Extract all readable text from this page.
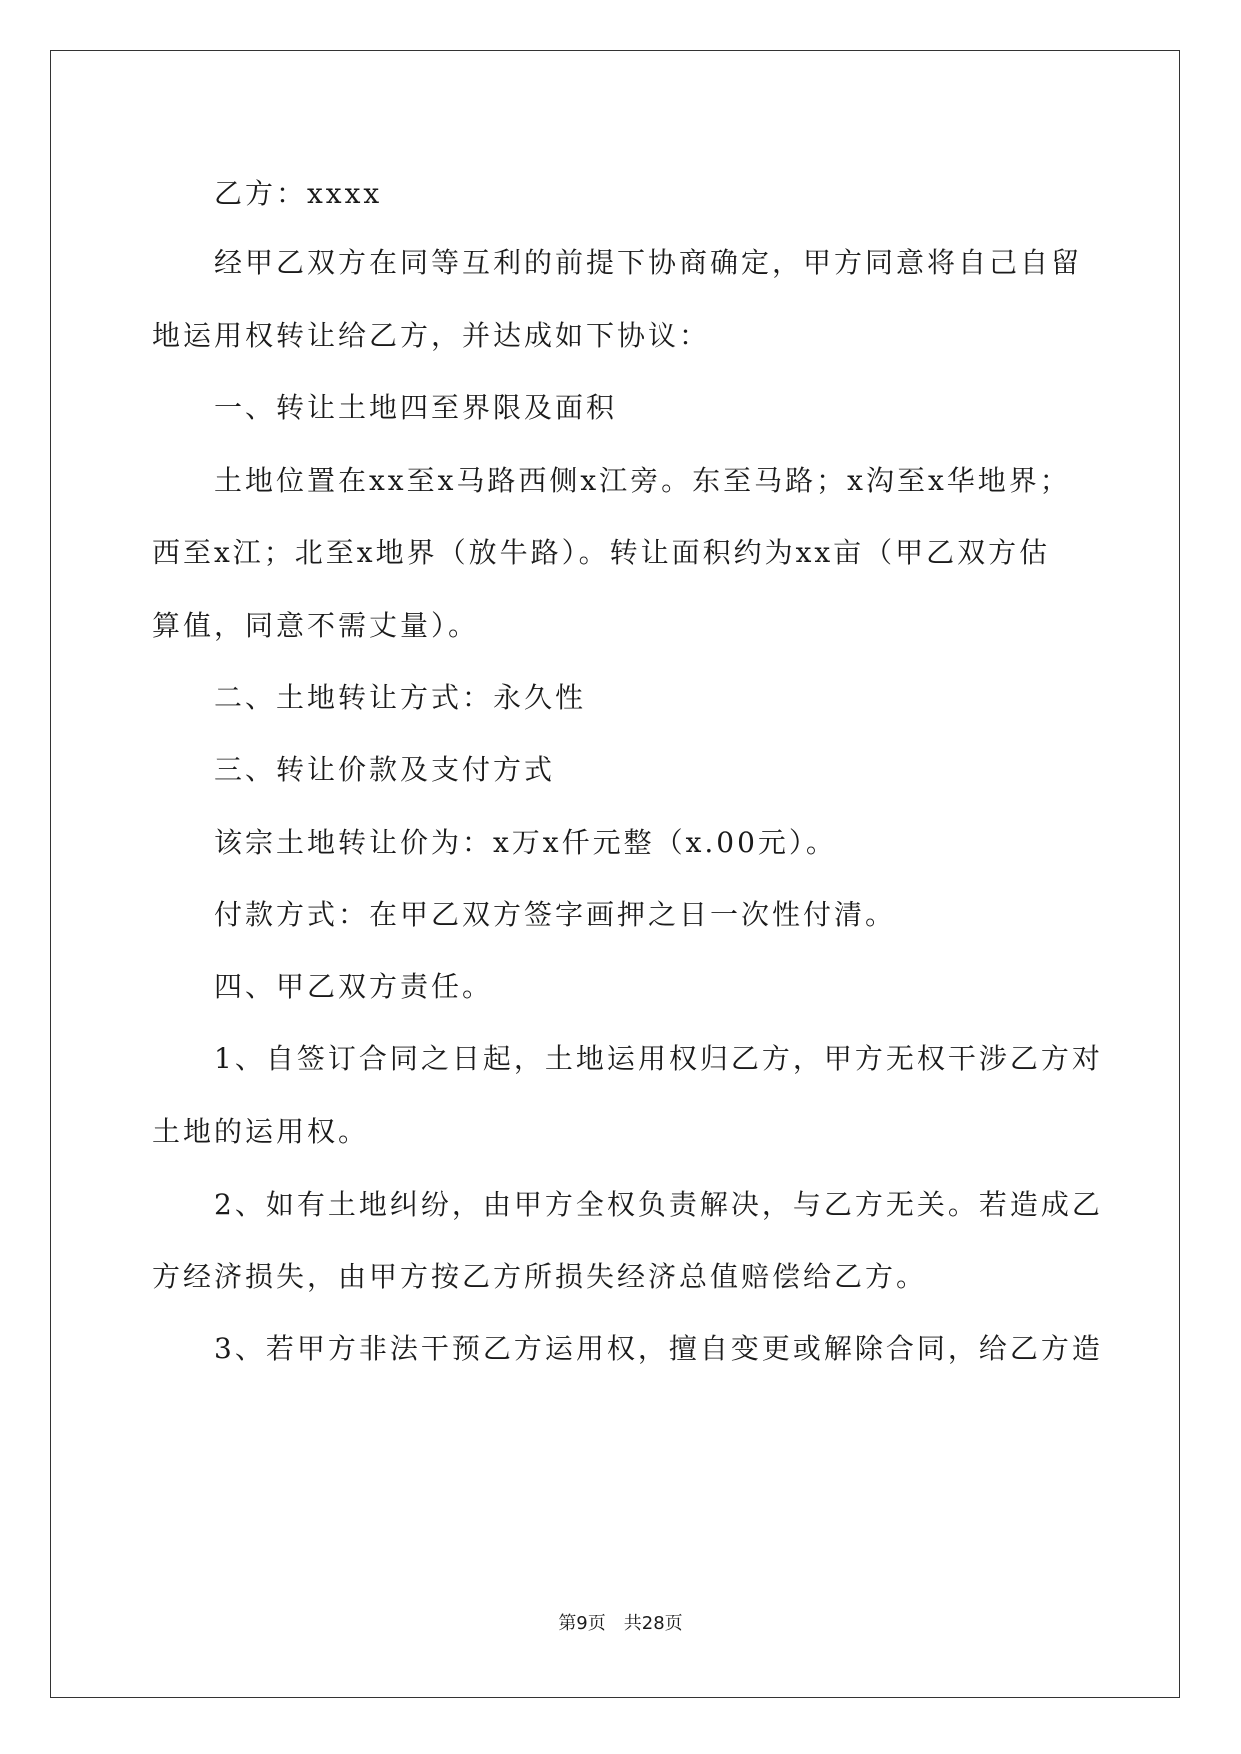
乙方：xxxx
经甲乙双方在同等互利的前提下协商确定，甲方同意将自己自留
地运用权转让给乙方，并达成如下协议：
一、转让土地四至界限及面积
土地位置在xx至x马路西侧x江旁。东至马路；x沟至x华地界；
西至x江；北至x地界（放牛路）。转让面积约为xx亩（甲乙双方估
算值，同意不需丈量）。
二、土地转让方式：永久性
三、转让价款及支付方式
该宗土地转让价为：x万x仟元整（x.00元）。
付款方式：在甲乙双方签字画押之日一次性付清。
四、甲乙双方责任。
1、自签订合同之日起，土地运用权归乙方，甲方无权干涉乙方对
土地的运用权。
2、如有土地纠纷，由甲方全权负责解决，与乙方无关。若造成乙
方经济损失，由甲方按乙方所损失经济总值赔偿给乙方。
3、若甲方非法干预乙方运用权，擅自变更或解除合同，给乙方造
第9页 共28页
